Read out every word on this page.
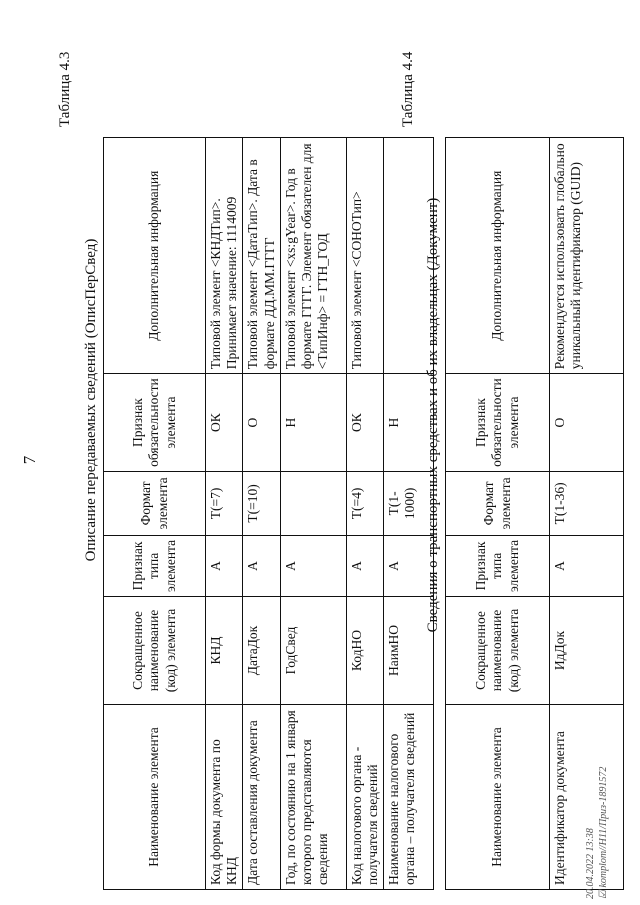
7
Таблица 4.3
Описание передаваемых сведений (ОписПерСвед)
Наименование элемента	Сокращенное наименование (код) элемента	Признак типа элемента	Формат элемента	Признак обязательности элемента	Дополнительная информация
Код формы документа по КНД	КНД	А	Т(=7)	ОК	Типовой элемент <КНДТип>. Принимает значение: 1114009
Дата составления документа	ДатаДок	А	Т(=10)	О	Типовой элемент <ДатаТип>. Дата в формате ДД.ММ.ГГГГ
Год, по состоянию на 1 января которого представляются сведения	ГодСвед	А		Н	Типовой элемент <xs:gYear>. Год в формате ГГГГ. Элемент обязателен для <ТипИнф> = ГТН_ГОД
Код налогового органа - получателя сведений	КодНО	А	Т(=4)	ОК	Типовой элемент <СОНОТип>
Наименование налогового органа – получателя сведений	НаимНО	А	Т(1-1000)	Н	
Таблица 4.4
Сведения о транспортных средствах и об их владельцах (Документ)
Наименование элемента	Сокращенное наименование (код) элемента	Признак типа элемента	Формат элемента	Признак обязательности элемента	Дополнительная информация
Идентификатор документа	ИдДок	А	Т(1-36)	О	Рекомендуется использовать глобально уникальный идентификатор (GUID)
20.04.2022 13:38 ☑ komplom//Н11/Приз-1891572
